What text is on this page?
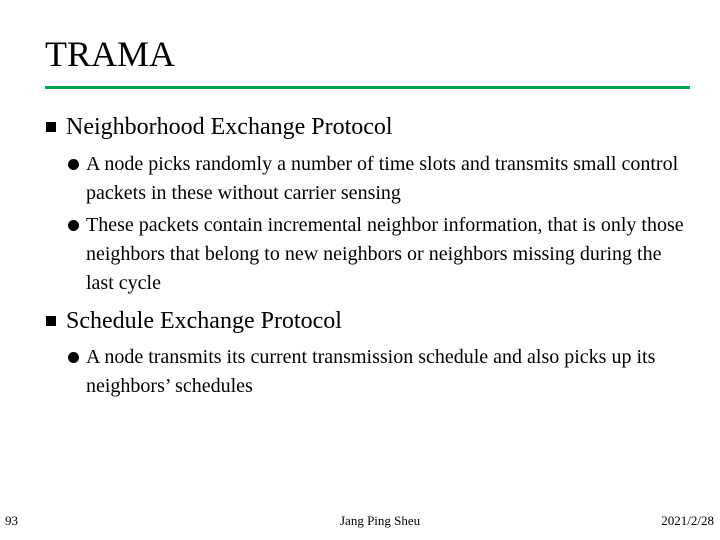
TRAMA
Neighborhood Exchange Protocol
A node picks randomly a number of time slots and transmits small control packets in these without carrier sensing
These packets contain incremental neighbor information, that is only those neighbors that belong to new neighbors or neighbors missing during the last cycle
Schedule Exchange Protocol
A node transmits its current transmission schedule and also picks up its neighbors’ schedules
93	Jang Ping Sheu	2021/2/28
